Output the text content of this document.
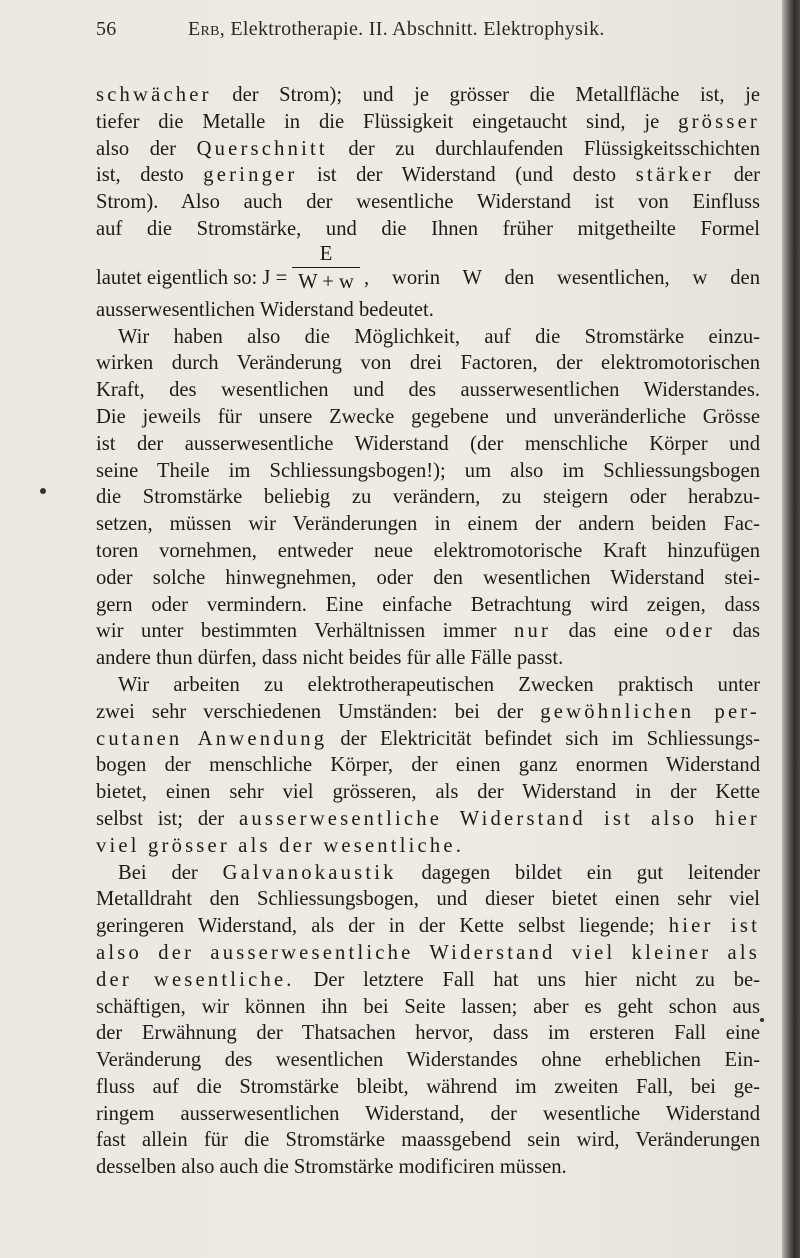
56	Erb, Elektrotherapie. II. Abschnitt. Elektrophysik.
schwächer der Strom); und je grösser die Metallfläche ist, je
tiefer die Metalle in die Flüssigkeit eingetaucht sind, je grösser
also der Querschnitt der zu durchlaufenden Flüssigkeitsschichten
ist, desto geringer ist der Widerstand (und desto stärker der
Strom). Also auch der wesentliche Widerstand ist von Einfluss
auf die Stromstärke, und die Ihnen früher mitgetheilte Formel
lautet eigentlich so: J =
E
W + w , worin W den wesentlichen, w den
ausserwesentlichen Widerstand bedeutet.
Wir haben also die Möglichkeit, auf die Stromstärke einzu-
wirken durch Veränderung von drei Factoren, der elektromotorischen
Kraft, des wesentlichen und des ausserwesentlichen Widerstandes.
Die jeweils für unsere Zwecke gegebene und unveränderliche Grösse
ist der ausserwesentliche Widerstand (der menschliche Körper und
seine Theile im Schliessungsbogen!); um also im Schliessungsbogen
die Stromstärke beliebig zu verändern, zu steigern oder herabzu-
setzen, müssen wir Veränderungen in einem der andern beiden Fac-
toren vornehmen, entweder neue elektromotorische Kraft hinzufügen
oder solche hinwegnehmen, oder den wesentlichen Widerstand stei-
gern oder vermindern. Eine einfache Betrachtung wird zeigen, dass
wir unter bestimmten Verhältnissen immer nur das eine oder das
andere thun dürfen, dass nicht beides für alle Fälle passt.
Wir arbeiten zu elektrotherapeutischen Zwecken praktisch unter
zwei sehr verschiedenen Umständen: bei der gewöhnlichen per-
cutanen Anwendung der Elektricität befindet sich im Schliessungs-
bogen der menschliche Körper, der einen ganz enormen Widerstand
bietet, einen sehr viel grösseren, als der Widerstand in der Kette
selbst ist; der ausserwesentliche Widerstand ist also hier
viel grösser als der wesentliche.
Bei der Galvanokaustik dagegen bildet ein gut leitender
Metalldraht den Schliessungsbogen, und dieser bietet einen sehr viel
geringeren Widerstand, als der in der Kette selbst liegende; hier ist
also der ausserwesentliche Widerstand viel kleiner als
der wesentliche. Der letztere Fall hat uns hier nicht zu be-
schäftigen, wir können ihn bei Seite lassen; aber es geht schon aus
der Erwähnung der Thatsachen hervor, dass im ersteren Fall eine
Veränderung des wesentlichen Widerstandes ohne erheblichen Ein-
fluss auf die Stromstärke bleibt, während im zweiten Fall, bei ge-
ringem ausserwesentlichen Widerstand, der wesentliche Widerstand
fast allein für die Stromstärke maassgebend sein wird, Veränderungen
desselben also auch die Stromstärke modificiren müssen.
